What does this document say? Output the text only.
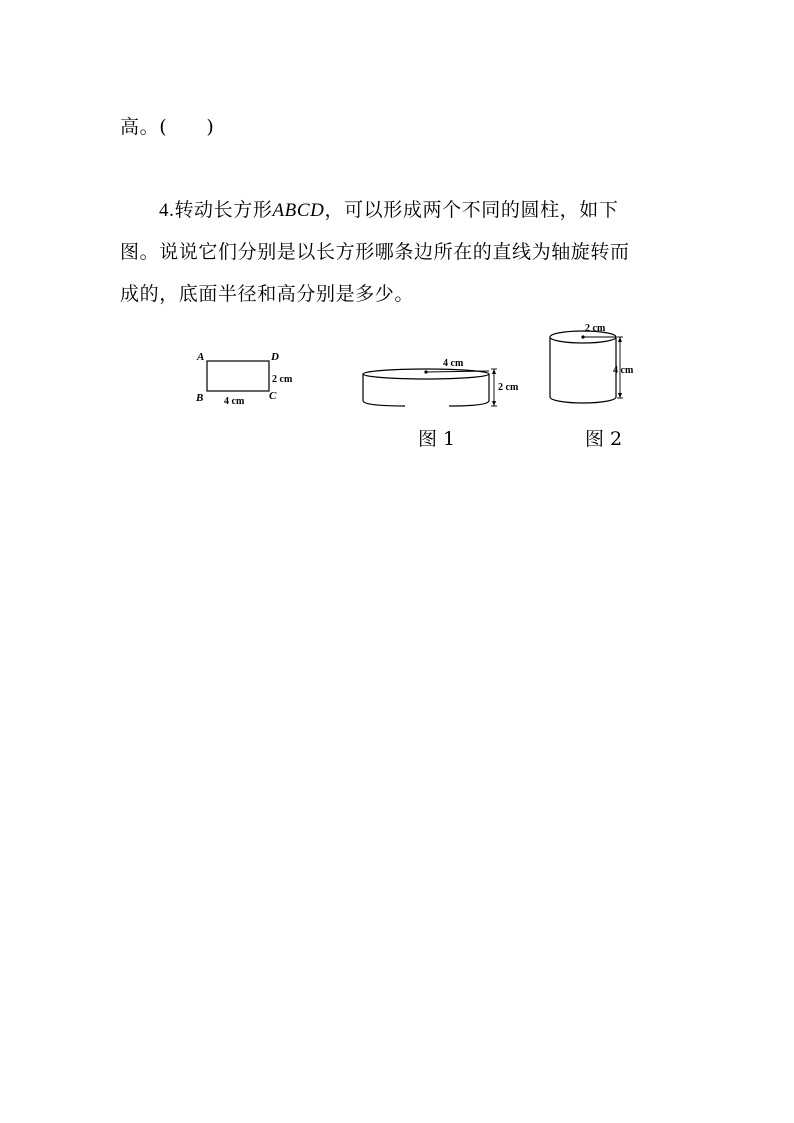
高。(　　)
4.转动长方形ABCD，可以形成两个不同的圆柱，如下
图。说说它们分别是以长方形哪条边所在的直线为轴旋转而
成的，底面半径和高分别是多少。
A	D
B	C
2 cm
4 cm
4 cm
2 cm
2 cm
4 cm
图 1	图 2
